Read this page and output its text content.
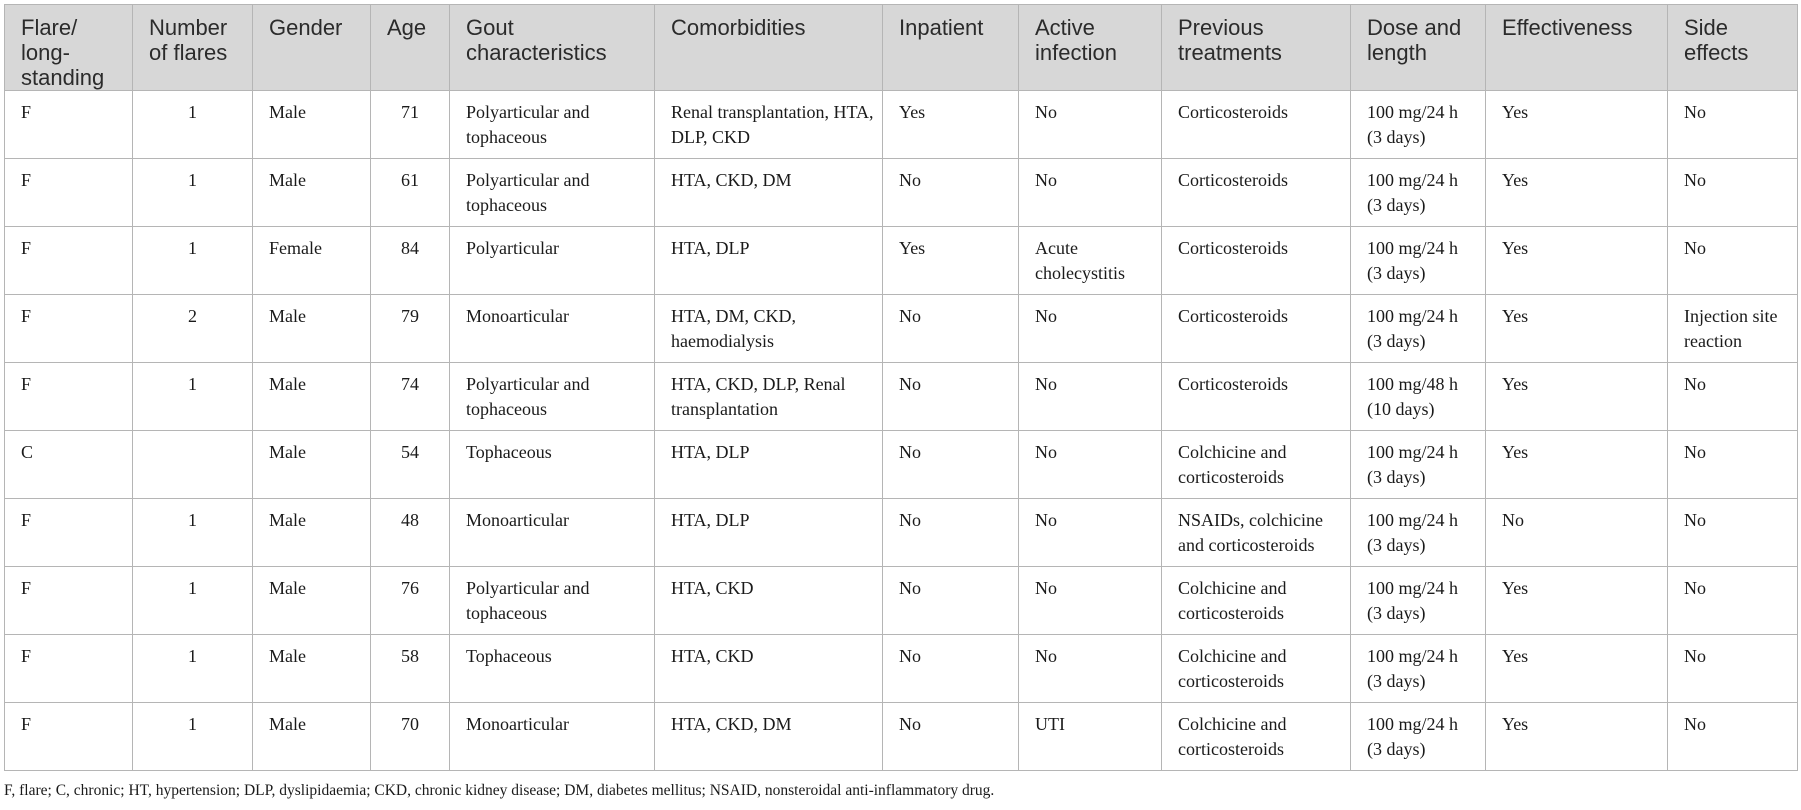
Flare/ long-standing	Number of flares	Gender	Age	Gout characteristics	Comorbidities	Inpatient	Active infection	Previous treatments	Dose and length	Effectiveness	Side effects
F	1	Male	71	Polyarticular and tophaceous	Renal transplantation, HTA, DLP, CKD	Yes	No	Corticosteroids	100 mg/24 h (3 days)	Yes	No
F	1	Male	61	Polyarticular and tophaceous	HTA, CKD, DM	No	No	Corticosteroids	100 mg/24 h (3 days)	Yes	No
F	1	Female	84	Polyarticular	HTA, DLP	Yes	Acute cholecystitis	Corticosteroids	100 mg/24 h (3 days)	Yes	No
F	2	Male	79	Monoarticular	HTA, DM, CKD, haemodialysis	No	No	Corticosteroids	100 mg/24 h (3 days)	Yes	Injection site reaction
F	1	Male	74	Polyarticular and tophaceous	HTA, CKD, DLP, Renal transplantation	No	No	Corticosteroids	100 mg/48 h (10 days)	Yes	No
C		Male	54	Tophaceous	HTA, DLP	No	No	Colchicine and corticosteroids	100 mg/24 h (3 days)	Yes	No
F	1	Male	48	Monoarticular	HTA, DLP	No	No	NSAIDs, colchicine and corticosteroids	100 mg/24 h (3 days)	No	No
F	1	Male	76	Polyarticular and tophaceous	HTA, CKD	No	No	Colchicine and corticosteroids	100 mg/24 h (3 days)	Yes	No
F	1	Male	58	Tophaceous	HTA, CKD	No	No	Colchicine and corticosteroids	100 mg/24 h (3 days)	Yes	No
F	1	Male	70	Monoarticular	HTA, CKD, DM	No	UTI	Colchicine and corticosteroids	100 mg/24 h (3 days)	Yes	No
F, flare; C, chronic; HT, hypertension; DLP, dyslipidaemia; CKD, chronic kidney disease; DM, diabetes mellitus; NSAID, nonsteroidal anti-inflammatory drug.
